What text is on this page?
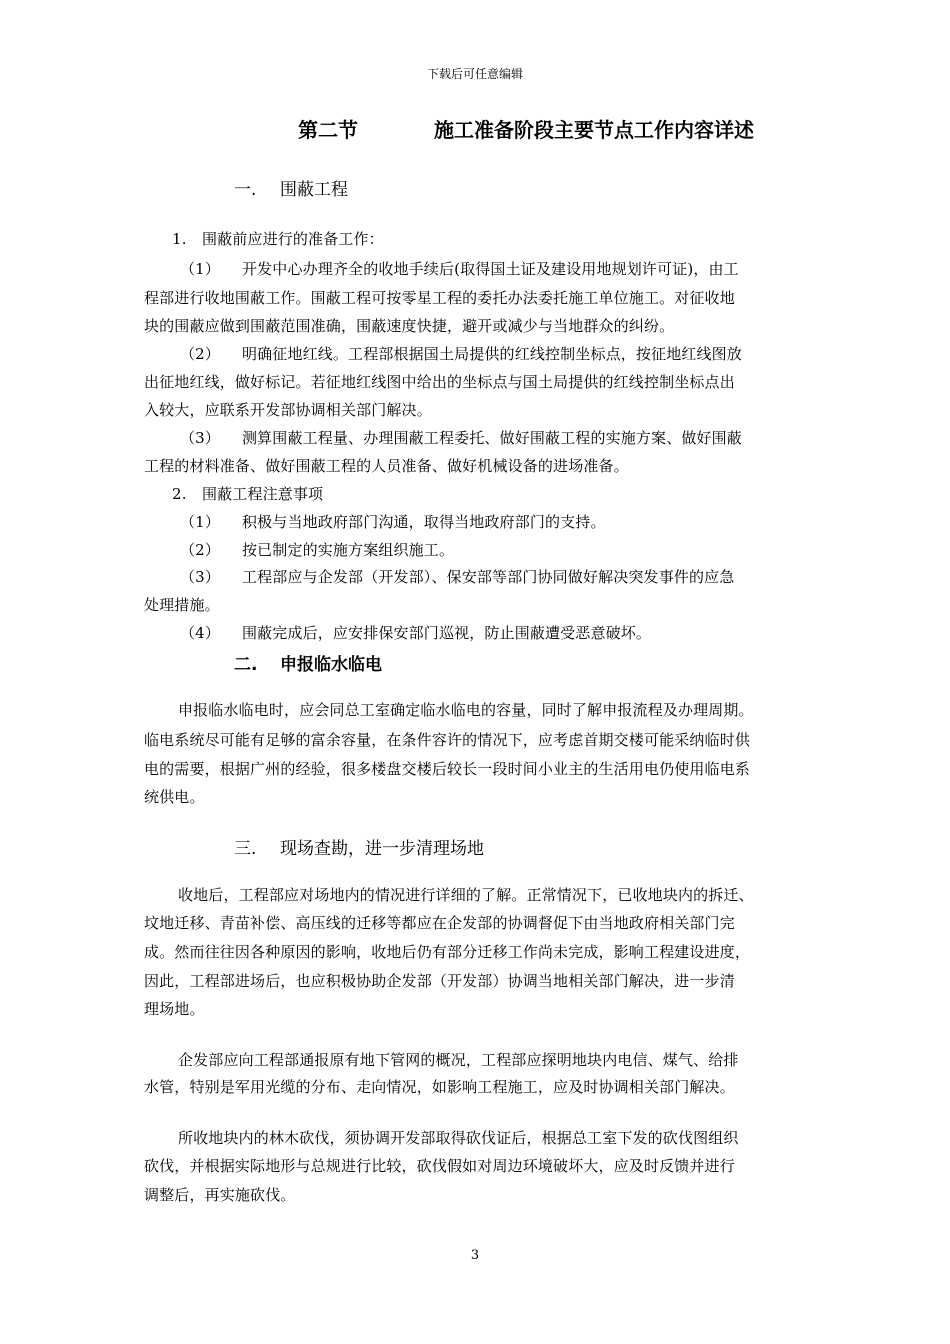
下载后可任意编辑
第二节	施工准备阶段主要节点工作内容详述
一. 围蔽工程
1. 围蔽前应进行的准备工作：
（1） 开发中心办理齐全的收地手续后(取得国土证及建设用地规划许可证)，由工
程部进行收地围蔽工作。围蔽工程可按零星工程的委托办法委托施工单位施工。对征收地
块的围蔽应做到围蔽范围准确，围蔽速度快捷，避开或减少与当地群众的纠纷。
（2） 明确征地红线。工程部根据国土局提供的红线控制坐标点，按征地红线图放
出征地红线，做好标记。若征地红线图中给出的坐标点与国土局提供的红线控制坐标点出
入较大，应联系开发部协调相关部门解决。
（3） 测算围蔽工程量、办理围蔽工程委托、做好围蔽工程的实施方案、做好围蔽
工程的材料准备、做好围蔽工程的人员准备、做好机械设备的进场准备。
2. 围蔽工程注意事项
（1） 积极与当地政府部门沟通，取得当地政府部门的支持。
（2） 按已制定的实施方案组织施工。
（3） 工程部应与企发部（开发部）、保安部等部门协同做好解决突发事件的应急
处理措施。
（4） 围蔽完成后，应安排保安部门巡视，防止围蔽遭受恶意破坏。
二. 申报临水临电
申报临水临电时，应会同总工室确定临水临电的容量，同时了解申报流程及办理周期。
临电系统尽可能有足够的富余容量，在条件容许的情况下，应考虑首期交楼可能采纳临时供
电的需要，根据广州的经验，很多楼盘交楼后较长一段时间小业主的生活用电仍使用临电系
统供电。
三. 现场查勘，进一步清理场地
收地后，工程部应对场地内的情况进行详细的了解。正常情况下，已收地块内的拆迁、
坟地迁移、青苗补偿、高压线的迁移等都应在企发部的协调督促下由当地政府相关部门完
成。然而往往因各种原因的影响，收地后仍有部分迁移工作尚未完成，影响工程建设进度，
因此，工程部进场后，也应积极协助企发部（开发部）协调当地相关部门解决，进一步清
理场地。
企发部应向工程部通报原有地下管网的概况，工程部应探明地块内电信、煤气、给排
水管，特别是军用光缆的分布、走向情况，如影响工程施工，应及时协调相关部门解决。
所收地块内的林木砍伐，须协调开发部取得砍伐证后，根据总工室下发的砍伐图组织
砍伐，并根据实际地形与总规进行比较，砍伐假如对周边环境破坏大，应及时反馈并进行
调整后，再实施砍伐。
3
